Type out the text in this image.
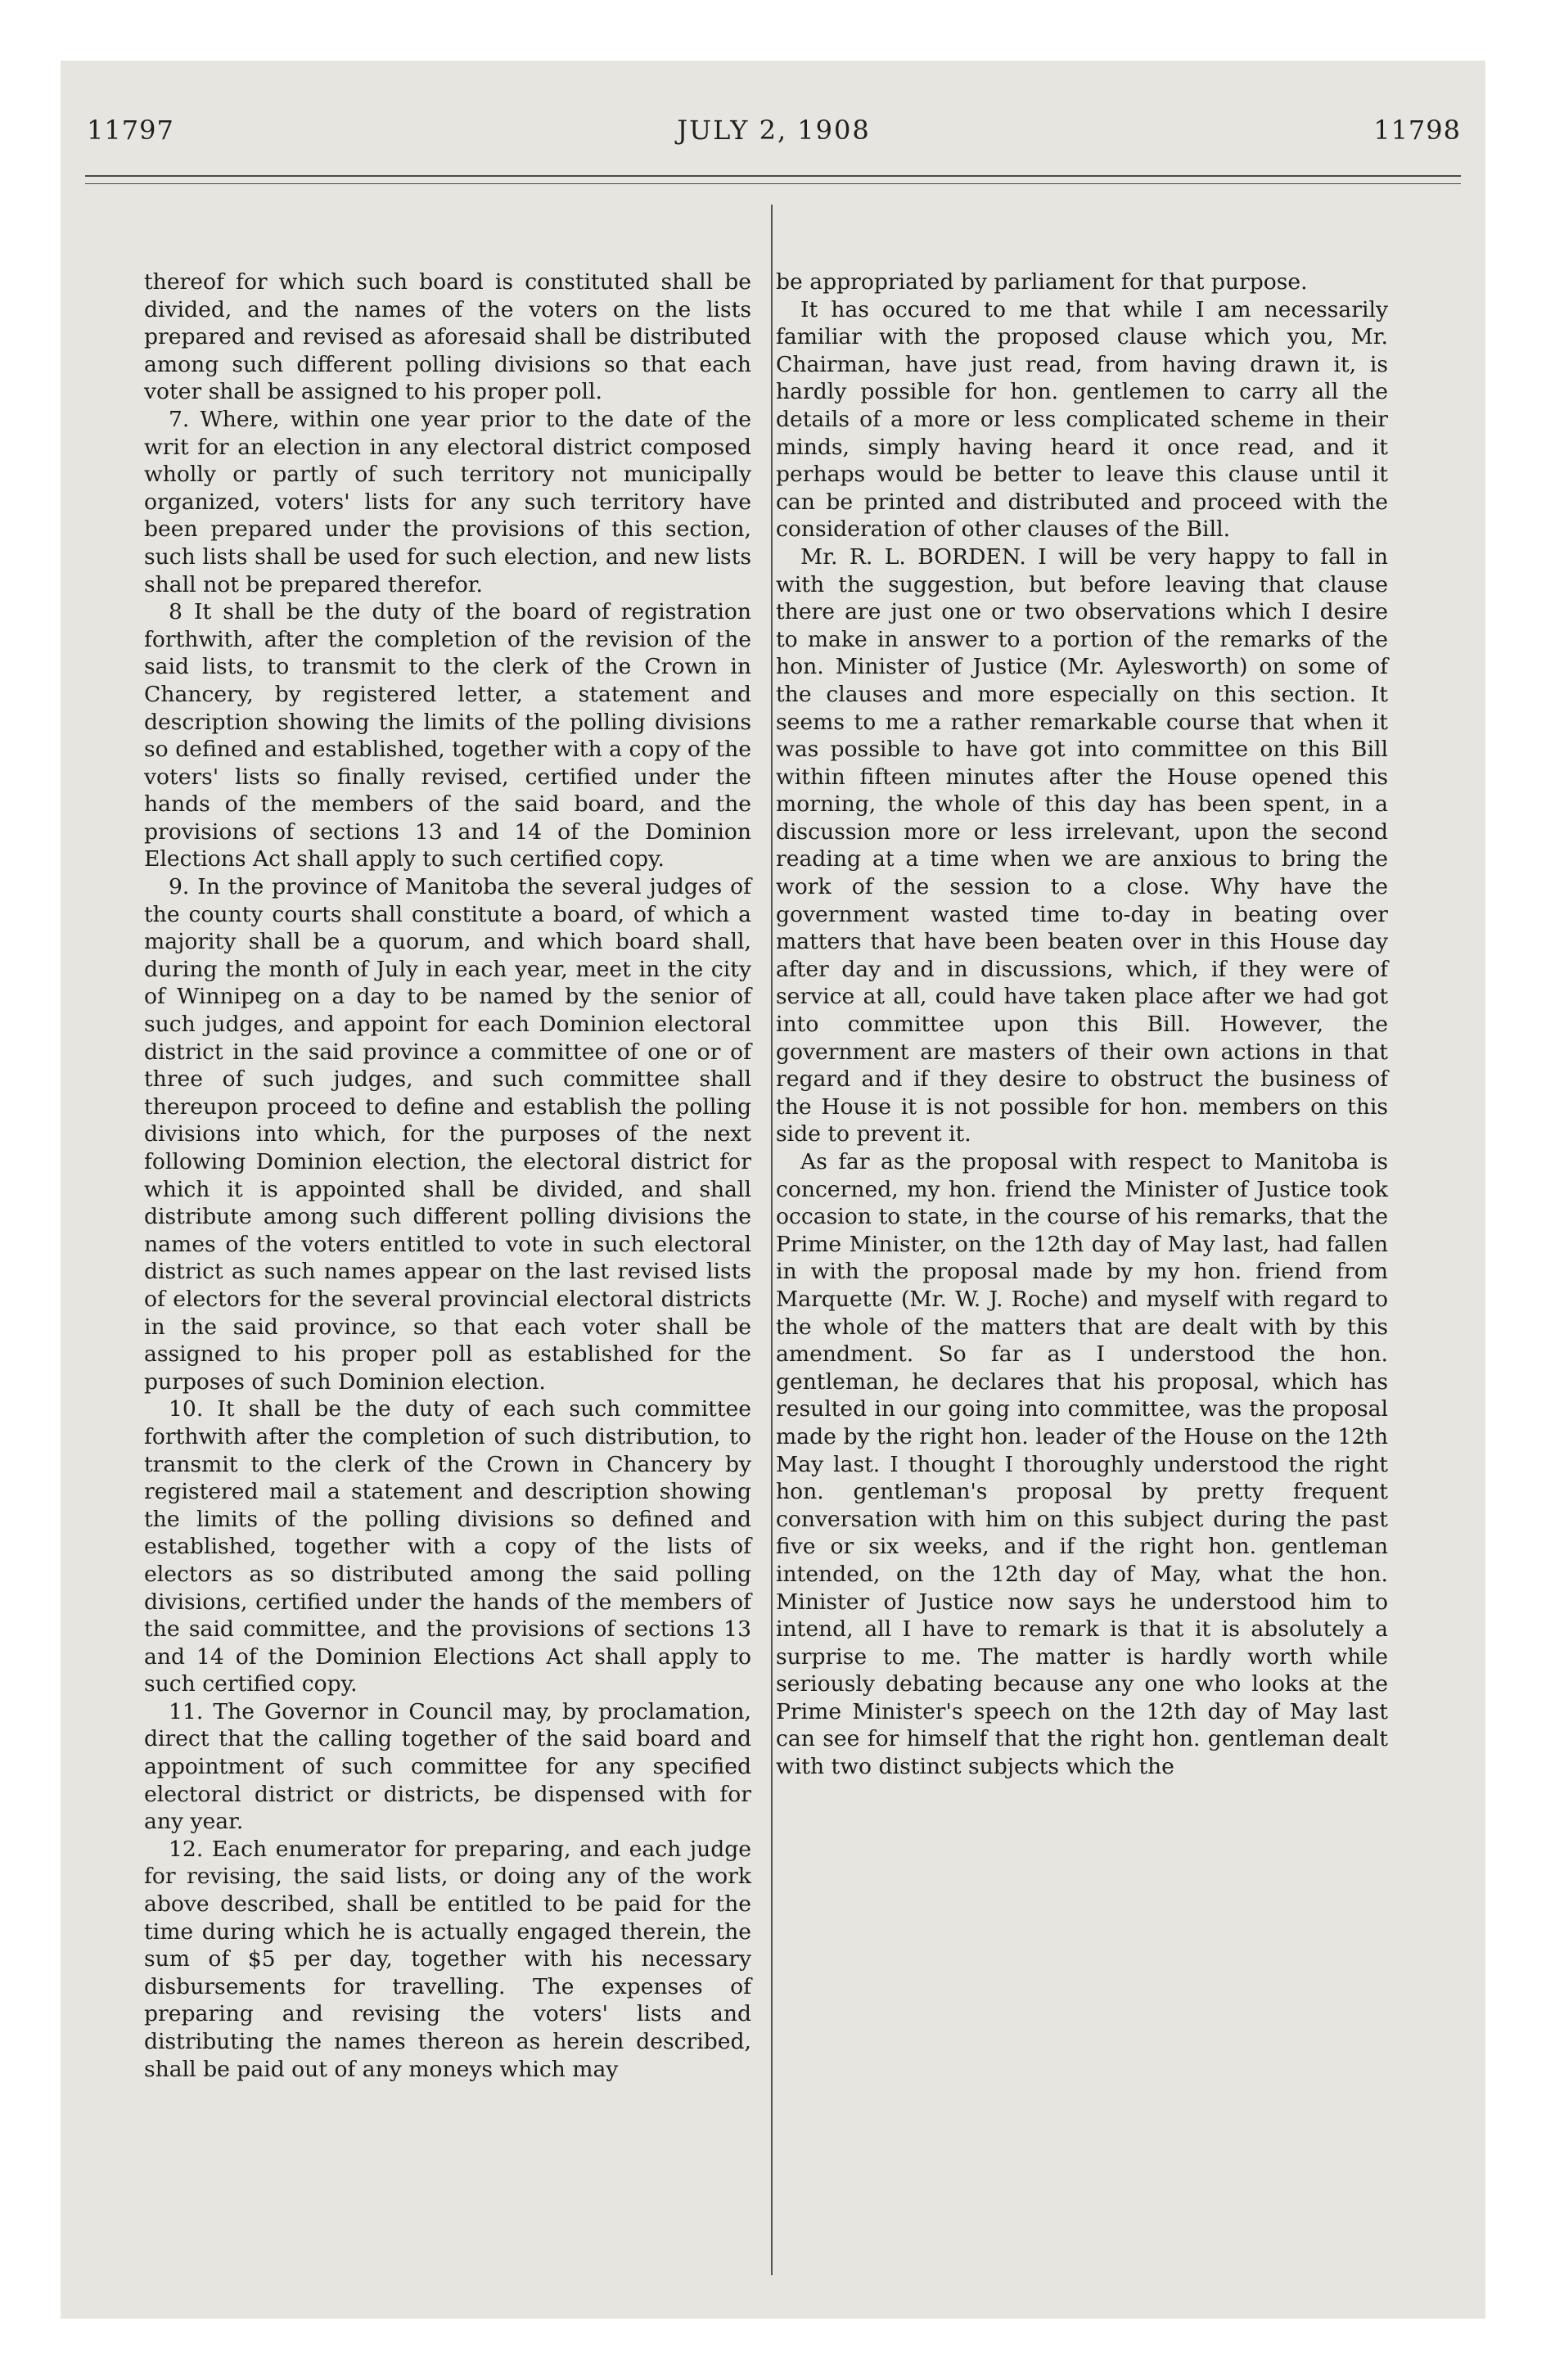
11797	JULY 2, 1908	11798

thereof for which such board is constituted shall be divided, and the names of the voters on the lists prepared and revised as aforesaid shall be distributed among such different polling divisions so that each voter shall be assigned to his proper poll.

7. Where, within one year prior to the date of the writ for an election in any electoral district composed wholly or partly of such territory not municipally organized, voters' lists for any such territory have been prepared under the provisions of this section, such lists shall be used for such election, and new lists shall not be prepared therefor.

8 It shall be the duty of the board of registration forthwith, after the completion of the revision of the said lists, to transmit to the clerk of the Crown in Chancery, by registered letter, a statement and description showing the limits of the polling divisions so defined and established, together with a copy of the voters' lists so finally revised, certified under the hands of the members of the said board, and the provisions of sections 13 and 14 of the Dominion Elections Act shall apply to such certified copy.

9. In the province of Manitoba the several judges of the county courts shall constitute a board, of which a majority shall be a quorum, and which board shall, during the month of July in each year, meet in the city of Winnipeg on a day to be named by the senior of such judges, and appoint for each Dominion electoral district in the said province a committee of one or of three of such judges, and such committee shall thereupon proceed to define and establish the polling divisions into which, for the purposes of the next following Dominion election, the electoral district for which it is appointed shall be divided, and shall distribute among such different polling divisions the names of the voters entitled to vote in such electoral district as such names appear on the last revised lists of electors for the several provincial electoral districts in the said province, so that each voter shall be assigned to his proper poll as established for the purposes of such Dominion election.

10. It shall be the duty of each such committee forthwith after the completion of such distribution, to transmit to the clerk of the Crown in Chancery by registered mail a statement and description showing the limits of the polling divisions so defined and established, together with a copy of the lists of electors as so distributed among the said polling divisions, certified under the hands of the members of the said committee, and the provisions of sections 13 and 14 of the Dominion Elections Act shall apply to such certified copy.

11. The Governor in Council may, by proclamation, direct that the calling together of the said board and appointment of such committee for any specified electoral district or districts, be dispensed with for any year.

12. Each enumerator for preparing, and each judge for revising, the said lists, or doing any of the work above described, shall be entitled to be paid for the time during which he is actually engaged therein, the sum of $5 per day, together with his necessary disbursements for travelling. The expenses of preparing and revising the voters' lists and distributing the names thereon as herein described, shall be paid out of any moneys which may

be appropriated by parliament for that purpose.

It has occured to me that while I am necessarily familiar with the proposed clause which you, Mr. Chairman, have just read, from having drawn it, is hardly possible for hon. gentlemen to carry all the details of a more or less complicated scheme in their minds, simply having heard it once read, and it perhaps would be better to leave this clause until it can be printed and distributed and proceed with the consideration of other clauses of the Bill.

Mr. R. L. BORDEN. I will be very happy to fall in with the suggestion, but before leaving that clause there are just one or two observations which I desire to make in answer to a portion of the remarks of the hon. Minister of Justice (Mr. Aylesworth) on some of the clauses and more especially on this section. It seems to me a rather remarkable course that when it was possible to have got into committee on this Bill within fifteen minutes after the House opened this morning, the whole of this day has been spent, in a discussion more or less irrelevant, upon the second reading at a time when we are anxious to bring the work of the session to a close. Why have the government wasted time to-day in beating over matters that have been beaten over in this House day after day and in discussions, which, if they were of service at all, could have taken place after we had got into committee upon this Bill. However, the government are masters of their own actions in that regard and if they desire to obstruct the business of the House it is not possible for hon. members on this side to prevent it.

As far as the proposal with respect to Manitoba is concerned, my hon. friend the Minister of Justice took occasion to state, in the course of his remarks, that the Prime Minister, on the 12th day of May last, had fallen in with the proposal made by my hon. friend from Marquette (Mr. W. J. Roche) and myself with regard to the whole of the matters that are dealt with by this amendment. So far as I understood the hon. gentleman, he declares that his proposal, which has resulted in our going into committee, was the proposal made by the right hon. leader of the House on the 12th May last. I thought I thoroughly understood the right hon. gentleman's proposal by pretty frequent conversation with him on this subject during the past five or six weeks, and if the right hon. gentleman intended, on the 12th day of May, what the hon. Minister of Justice now says he understood him to intend, all I have to remark is that it is absolutely a surprise to me. The matter is hardly worth while seriously debating because any one who looks at the Prime Minister's speech on the 12th day of May last can see for himself that the right hon. gentleman dealt with two distinct subjects which the
